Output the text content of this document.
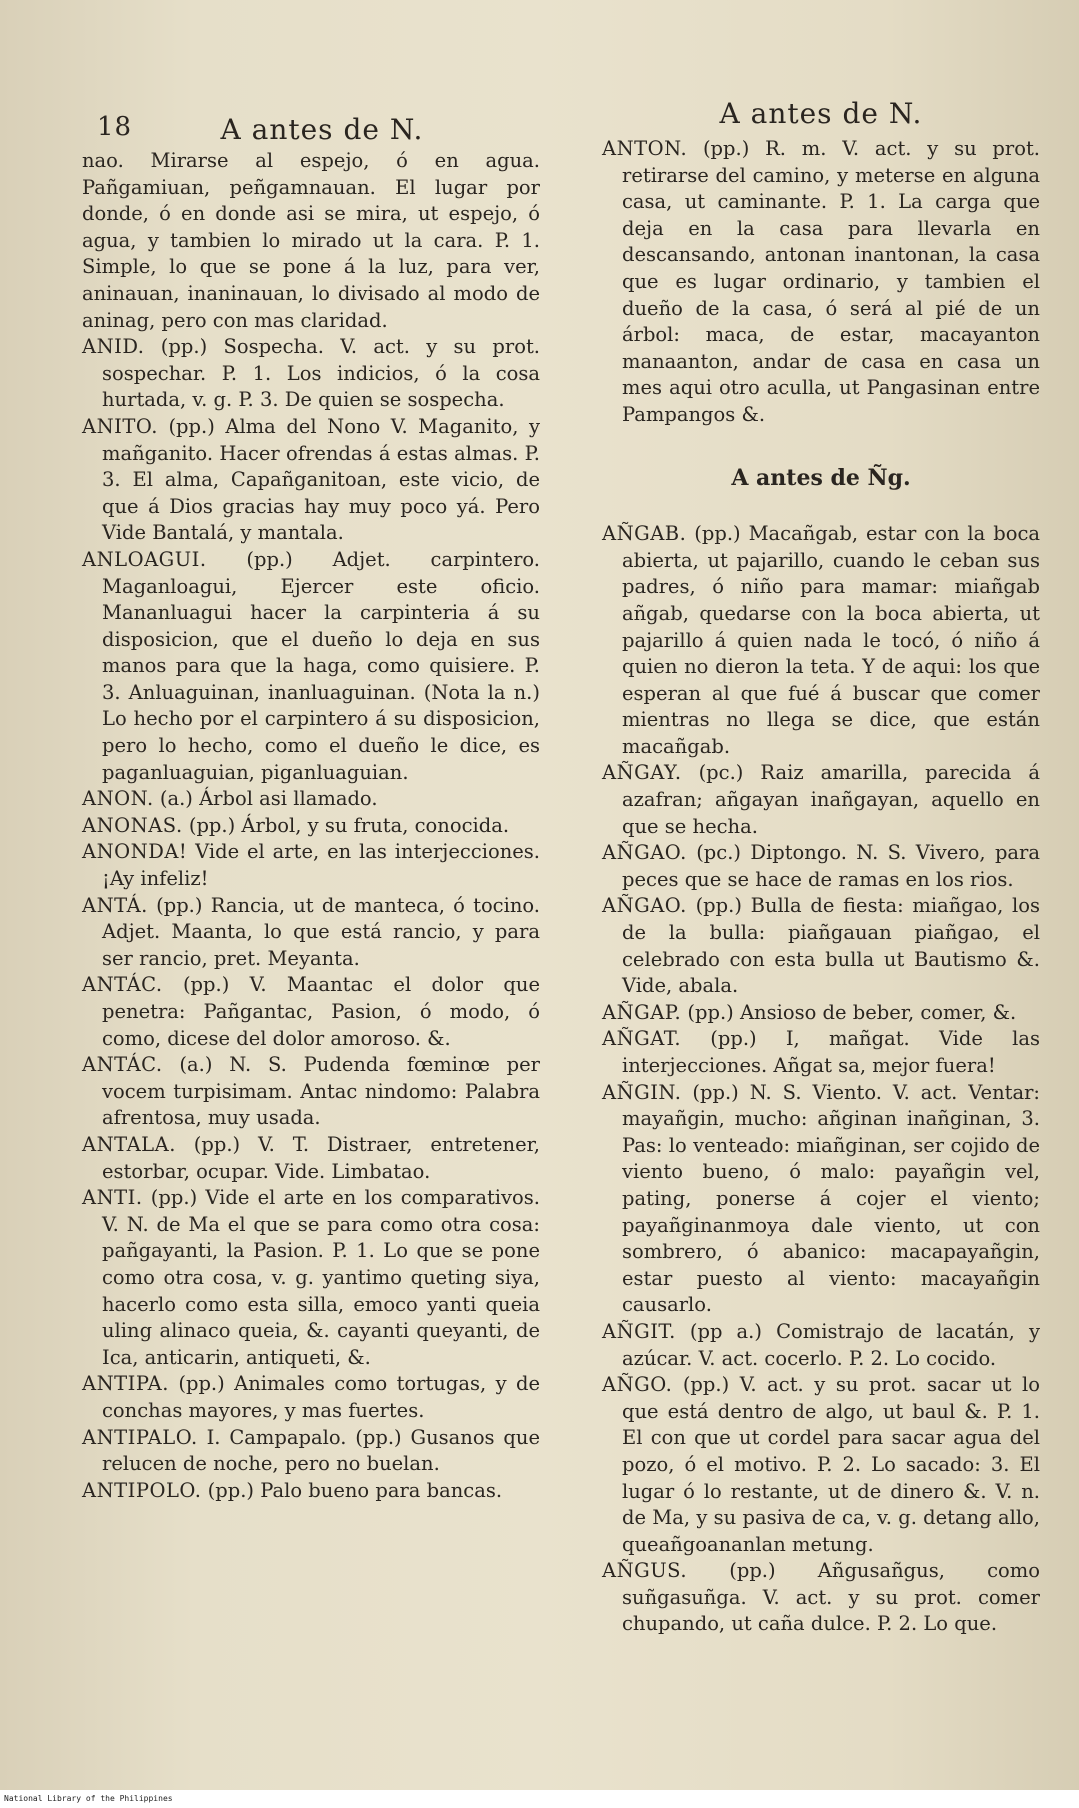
18	A antes de N.

nao. Mirarse al espejo, ó en agua. Pañgamiuan, peñgamnauan. El lugar por donde, ó en donde asi se mira, ut espejo, ó agua, y tambien lo mirado ut la cara. P. 1. Simple, lo que se pone á la luz, para ver, aninauan, inaninauan, lo divisado al modo de aninag, pero con mas claridad.

ANID. (pp.) Sospecha. V. act. y su prot. sospechar. P. 1. Los indicios, ó la cosa hurtada, v. g. P. 3. De quien se sospecha.

ANITO. (pp.) Alma del Nono V. Maganito, y mañganito. Hacer ofrendas á estas almas. P. 3. El alma, Capañganitoan, este vicio, de que á Dios gracias hay muy poco yá. Pero Vide Bantalá, y mantala.

ANLOAGUI. (pp.) Adjet. carpintero. Maganloagui, Ejercer este oficio. Mananluagui hacer la carpinteria á su disposicion, que el dueño lo deja en sus manos para que la haga, como quisiere. P. 3. Anluaguinan, inanluaguinan. (Nota la n.) Lo hecho por el carpintero á su disposicion, pero lo hecho, como el dueño le dice, es paganluaguian, piganluaguian.

ANON. (a.) Árbol asi llamado.

ANONAS. (pp.) Árbol, y su fruta, conocida.

ANONDA! Vide el arte, en las interjecciones. ¡Ay infeliz!

ANTÁ. (pp.) Rancia, ut de manteca, ó tocino. Adjet. Maanta, lo que está rancio, y para ser rancio, pret. Meyanta.

ANTÁC. (pp.) V. Maantac el dolor que penetra: Pañgantac, Pasion, ó modo, ó como, dicese del dolor amoroso. &.

ANTÁC. (a.) N. S. Pudenda fœminœ per vocem turpisimam. Antac nindomo: Palabra afrentosa, muy usada.

ANTALA. (pp.) V. T. Distraer, entretener, estorbar, ocupar. Vide. Limbatao.

ANTI. (pp.) Vide el arte en los comparativos. V. N. de Ma el que se para como otra cosa: pañgayanti, la Pasion. P. 1. Lo que se pone como otra cosa, v. g. yantimo queting siya, hacerlo como esta silla, emoco yanti queia uling alinaco queia, &. cayanti queyanti, de Ica, anticarin, antiqueti, &.

ANTIPA. (pp.) Animales como tortugas, y de conchas mayores, y mas fuertes.

ANTIPALO. I. Campapalo. (pp.) Gusanos que relucen de noche, pero no buelan.

ANTIPOLO. (pp.) Palo bueno para bancas.

A antes de N.

ANTON. (pp.) R. m. V. act. y su prot. retirarse del camino, y meterse en alguna casa, ut caminante. P. 1. La carga que deja en la casa para llevarla en descansando, antonan inantonan, la casa que es lugar ordinario, y tambien el dueño de la casa, ó será al pié de un árbol: maca, de estar, macayanton manaanton, andar de casa en casa un mes aqui otro aculla, ut Pangasinan entre Pampangos &.

A antes de Ñg.

AÑGAB. (pp.) Macañgab, estar con la boca abierta, ut pajarillo, cuando le ceban sus padres, ó niño para mamar: miañgab añgab, quedarse con la boca abierta, ut pajarillo á quien nada le tocó, ó niño á quien no dieron la teta. Y de aqui: los que esperan al que fué á buscar que comer mientras no llega se dice, que están macañgab.

AÑGAY. (pc.) Raiz amarilla, parecida á azafran; añgayan inañgayan, aquello en que se hecha.

AÑGAO. (pc.) Diptongo. N. S. Vivero, para peces que se hace de ramas en los rios.

AÑGAO. (pp.) Bulla de fiesta: miañgao, los de la bulla: piañgauan piañgao, el celebrado con esta bulla ut Bautismo &. Vide, abala.

AÑGAP. (pp.) Ansioso de beber, comer, &.

AÑGAT. (pp.) I, mañgat. Vide las interjecciones. Añgat sa, mejor fuera!

AÑGIN. (pp.) N. S. Viento. V. act. Ventar: mayañgin, mucho: añginan inañginan, 3. Pas: lo venteado: miañginan, ser cojido de viento bueno, ó malo: payañgin vel, pating, ponerse á cojer el viento; payañginanmoya dale viento, ut con sombrero, ó abanico: macapayañgin, estar puesto al viento: macayañgin causarlo.

AÑGIT. (pp a.) Comistrajo de lacatán, y azúcar. V. act. cocerlo. P. 2. Lo cocido.

AÑGO. (pp.) V. act. y su prot. sacar ut lo que está dentro de algo, ut baul &. P. 1. El con que ut cordel para sacar agua del pozo, ó el motivo. P. 2. Lo sacado: 3. El lugar ó lo restante, ut de dinero &. V. n. de Ma, y su pasiva de ca, v. g. detang allo, queañgoananlan metung.

AÑGUS. (pp.) Añgusañgus, como suñgasuñga. V. act. y su prot. comer chupando, ut caña dulce. P. 2. Lo que.

National Library of the Philippines
